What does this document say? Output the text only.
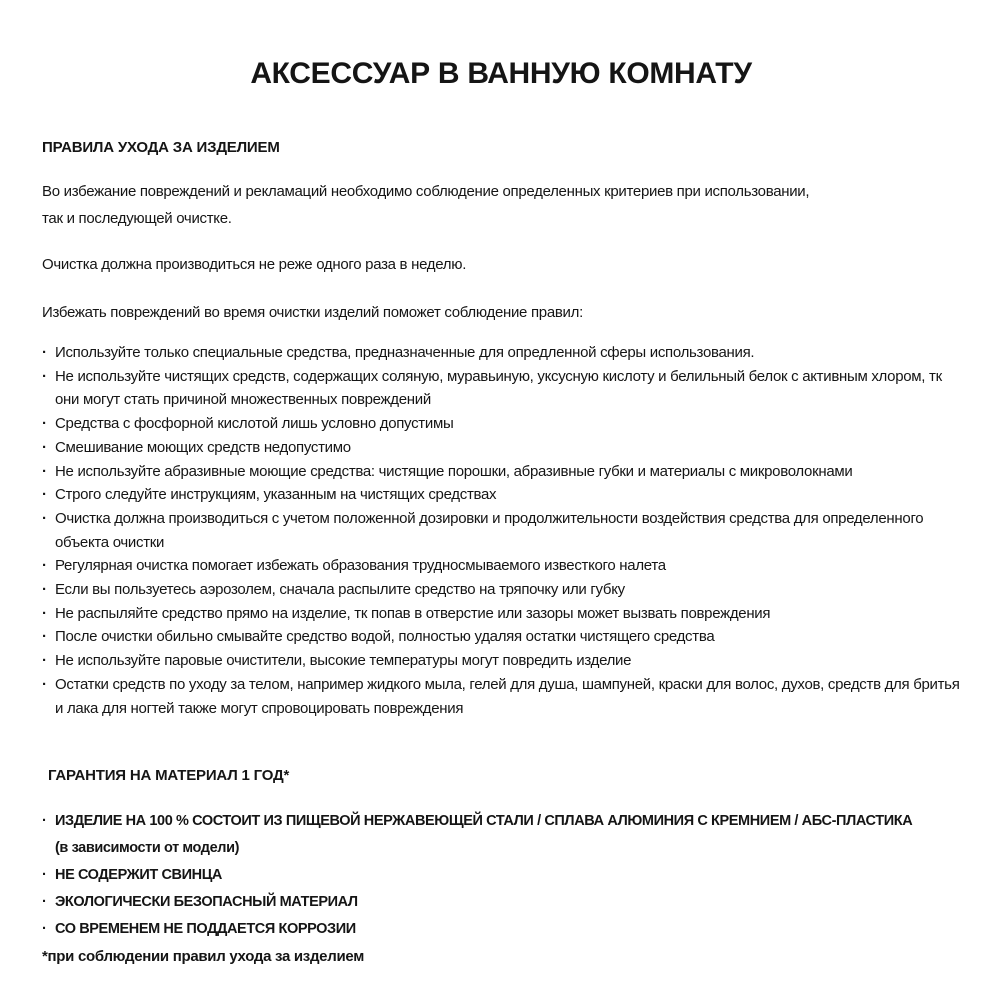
АКСЕССУАР В ВАННУЮ КОМНАТУ
ПРАВИЛА УХОДА ЗА ИЗДЕЛИЕМ

Во избежание повреждений и рекламаций необходимо соблюдение определенных критериев при использовании,
так и последующей очистке.

Очистка должна производиться не реже одного раза в неделю.

Избежать повреждений во время очистки изделий поможет соблюдение правил:

· Используйте только специальные средства, предназначенные для опредленной сферы использования.
· Не используйте чистящих средств, содержащих соляную, муравьиную, уксусную кислоту и белильный белок с активным хлором, тк они могут стать причиной множественных повреждений
· Средства с фосфорной кислотой лишь условно допустимы
· Смешивание моющих средств недопустимо
· Не используйте абразивные моющие средства: чистящие порошки, абразивные губки и материалы с микроволокнами
· Строго следуйте инструкциям, указанным на чистящих средствах
· Очистка должна производиться с учетом положенной дозировки и продолжительности воздействия средства для определенного объекта очистки
· Регулярная очистка помогает избежать образования трудносмываемого известкого налета
· Если вы пользуетесь аэрозолем, сначала распылите средство на тряпочку или губку
· Не распыляйте средство прямо на изделие, тк попав в отверстие или зазоры может вызвать повреждения
· После очистки обильно смывайте средство водой, полностью удаляя остатки чистящего средства
· Не используйте паровые очистители, высокие температуры могут повредить изделие
· Остатки средств по уходу за телом, например жидкого мыла, гелей для душа, шампуней, краски для волос, духов, средств для бритья и лака для ногтей также могут спровоцировать повреждения
ГАРАНТИЯ НА МАТЕРИАЛ 1 ГОД*
· ИЗДЕЛИЕ НА 100 % СОСТОИТ ИЗ ПИЩЕВОЙ НЕРЖАВЕЮЩЕЙ СТАЛИ / СПЛАВА АЛЮМИНИЯ С КРЕМНИЕМ / АБС-ПЛАСТИКА
(в зависимости от модели)
· НЕ СОДЕРЖИТ СВИНЦА
· ЭКОЛОГИЧЕСКИ БЕЗОПАСНЫЙ МАТЕРИАЛ
· СО ВРЕМЕНЕМ НЕ ПОДДАЕТСЯ КОРРОЗИИ

*при соблюдении правил ухода за изделием
